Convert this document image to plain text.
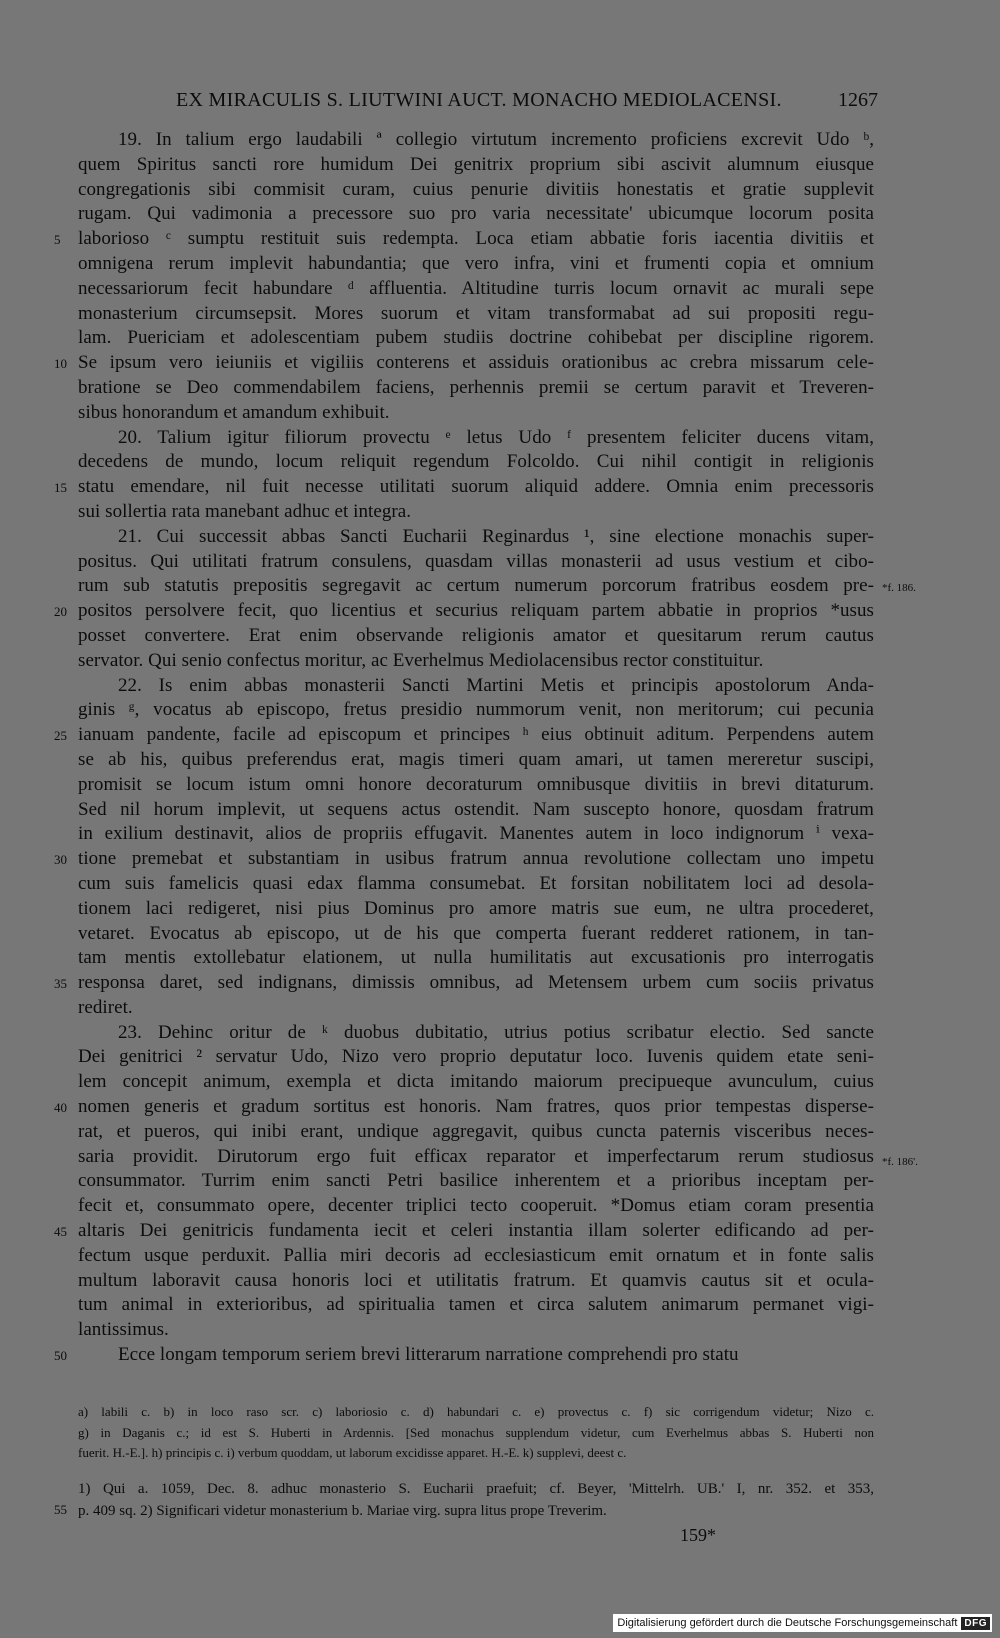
EX MIRACULIS S. LIUTWINI AUCT. MONACHO MEDIOLACENSI.	1267
19. In talium ergo laudabili ª collegio virtutum incremento proficiens excrevit Udo ᵇ,
quem Spiritus sancti rore humidum Dei genitrix proprium sibi ascivit alumnum eiusque
congregationis sibi commisit curam, cuius penurie divitiis honestatis et gratie supplevit
rugam. Qui vadimonia a precessore suo pro varia necessitate' ubicumque locorum posita
laborioso ᶜ sumptu restituit suis redempta. Loca etiam abbatie foris iacentia divitiis et
omnigena rerum implevit habundantia; que vero infra, vini et frumenti copia et omnium
necessariorum fecit habundare ᵈ affluentia. Altitudine turris locum ornavit ac murali sepe
monasterium circumsepsit. Mores suorum et vitam transformabat ad sui propositi regu-
lam. Puericiam et adolescentiam pubem studiis doctrine cohibebat per discipline rigorem.
Se ipsum vero ieiuniis et vigiliis conterens et assiduis orationibus ac crebra missarum cele-
bratione se Deo commendabilem faciens, perhennis premii se certum paravit et Treveren-
sibus honorandum et amandum exhibuit.
20. Talium igitur filiorum provectu ᵉ letus Udo ᶠ presentem feliciter ducens vitam,
decedens de mundo, locum reliquit regendum Folcoldo. Cui nihil contigit in religionis
statu emendare, nil fuit necesse utilitati suorum aliquid addere. Omnia enim precessoris
sui sollertia rata manebant adhuc et integra.
21. Cui successit abbas Sancti Eucharii Reginardus ¹, sine electione monachis super-
positus. Qui utilitati fratrum consulens, quasdam villas monasterii ad usus vestium et cibo-
rum sub statutis prepositis segregavit ac certum numerum porcorum fratribus eosdem pre-
positos persolvere fecit, quo licentius et securius reliquam partem abbatie in proprios *usus
posset convertere. Erat enim observande religionis amator et quesitarum rerum cautus
servator. Qui senio confectus moritur, ac Everhelmus Mediolacensibus rector constituitur.
22. Is enim abbas monasterii Sancti Martini Metis et principis apostolorum Anda-
ginis ᵍ, vocatus ab episcopo, fretus presidio nummorum venit, non meritorum; cui pecunia
ianuam pandente, facile ad episcopum et principes ʰ eius obtinuit aditum. Perpendens autem
se ab his, quibus preferendus erat, magis timeri quam amari, ut tamen mereretur suscipi,
promisit se locum istum omni honore decoraturum omnibusque divitiis in brevi ditaturum.
Sed nil horum implevit, ut sequens actus ostendit. Nam suscepto honore, quosdam fratrum
in exilium destinavit, alios de propriis effugavit. Manentes autem in loco indignorum ⁱ vexa-
tione premebat et substantiam in usibus fratrum annua revolutione collectam uno impetu
cum suis famelicis quasi edax flamma consumebat. Et forsitan nobilitatem loci ad desola-
tionem laci redigeret, nisi pius Dominus pro amore matris sue eum, ne ultra procederet,
vetaret. Evocatus ab episcopo, ut de his que comperta fuerant redderet rationem, in tan-
tam mentis extollebatur elationem, ut nulla humilitatis aut excusationis pro interrogatis
responsa daret, sed indignans, dimissis omnibus, ad Metensem urbem cum sociis privatus
rediret.
23. Dehinc oritur de ᵏ duobus dubitatio, utrius potius scribatur electio. Sed sancte
Dei genitrici ² servatur Udo, Nizo vero proprio deputatur loco. Iuvenis quidem etate seni-
lem concepit animum, exempla et dicta imitando maiorum precipueque avunculum, cuius
nomen generis et gradum sortitus est honoris. Nam fratres, quos prior tempestas disperse-
rat, et pueros, qui inibi erant, undique aggregavit, quibus cuncta paternis visceribus neces-
saria providit. Dirutorum ergo fuit efficax reparator et imperfectarum rerum studiosus
consummator. Turrim enim sancti Petri basilice inherentem et a prioribus inceptam per-
fecit et, consummato opere, decenter triplici tecto cooperuit. *Domus etiam coram presentia
altaris Dei genitricis fundamenta iecit et celeri instantia illam solerter edificando ad per-
fectum usque perduxit. Pallia miri decoris ad ecclesiasticum emit ornatum et in fonte salis
multum laboravit causa honoris loci et utilitatis fratrum. Et quamvis cautus sit et ocula-
tum animal in exterioribus, ad spiritualia tamen et circa salutem animarum permanet vigi-
lantissimus.
Ecce longam temporum seriem brevi litterarum narratione comprehendi pro statu
5
10
15
20
25
30
35
40
45
50
*f. 186.
*f. 186'.
a) labili c. b) in loco raso scr. c) laboriosio c. d) habundari c. e) provectus c. f) sic corrigendum videtur; Nizo c.
g) in Daganis c.; id est S. Huberti in Ardennis. [Sed monachus supplendum videtur, cum Everhelmus abbas S. Huberti non
fuerit. H.-E.]. h) principis c. i) verbum quoddam, ut laborum excidisse apparet. H.-E. k) supplevi, deest c.
1) Qui a. 1059, Dec. 8. adhuc monasterio S. Eucharii praefuit; cf. Beyer, 'Mittelrh. UB.' I, nr. 352. et 353,
p. 409 sq. 2) Significari videtur monasterium b. Mariae virg. supra litus prope Treverim.
55
159*
Digitalisierung gefördert durch die Deutsche Forschungsgemeinschaft DFG
